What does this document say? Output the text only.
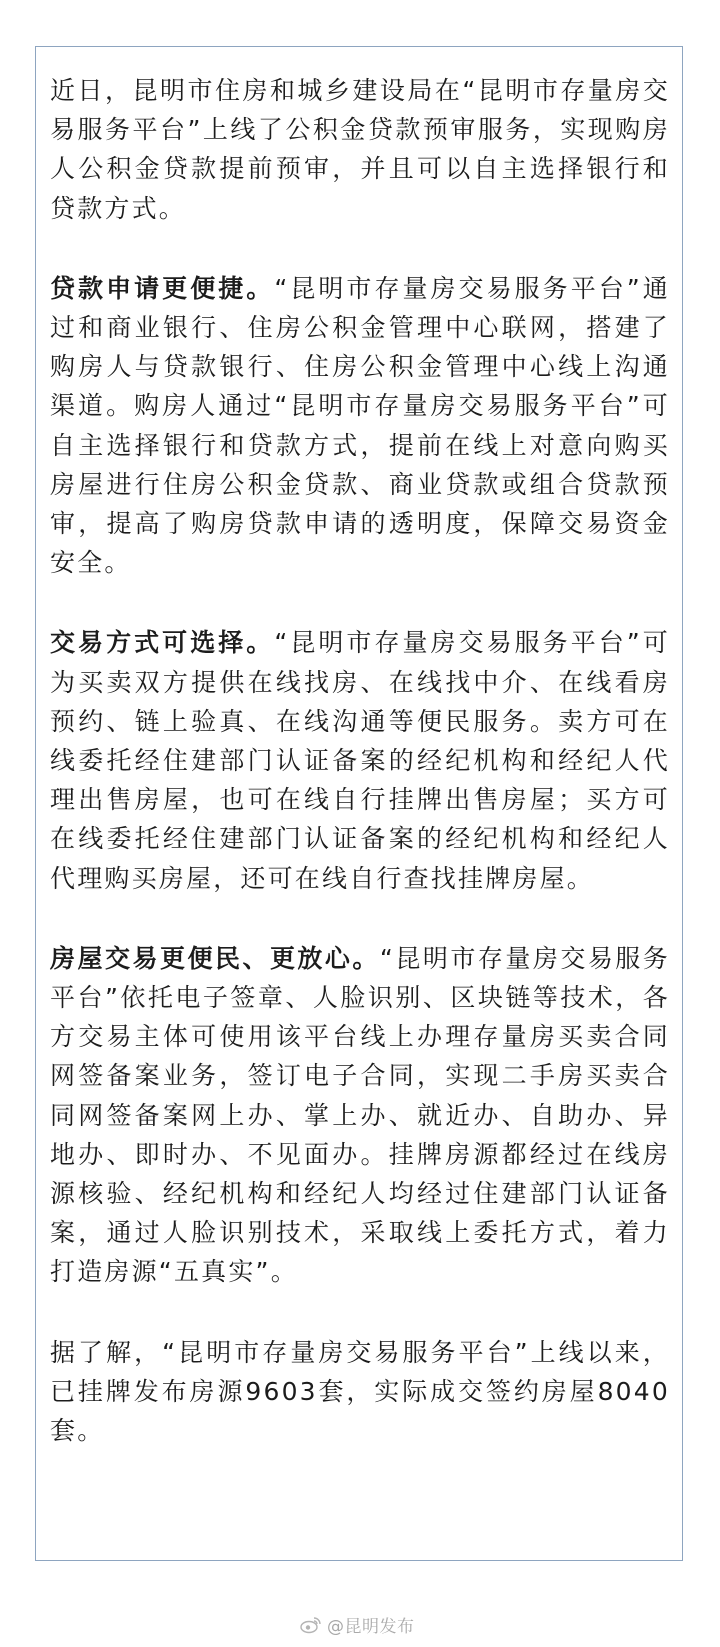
近日，昆明市住房和城乡建设局在“昆明市存量房交易服务平台”上线了公积金贷款预审服务，实现购房人公积金贷款提前预审，并且可以自主选择银行和贷款方式。

贷款申请更便捷。“昆明市存量房交易服务平台”通过和商业银行、住房公积金管理中心联网，搭建了购房人与贷款银行、住房公积金管理中心线上沟通渠道。购房人通过“昆明市存量房交易服务平台”可自主选择银行和贷款方式，提前在线上对意向购买房屋进行住房公积金贷款、商业贷款或组合贷款预审，提高了购房贷款申请的透明度，保障交易资金安全。

交易方式可选择。“昆明市存量房交易服务平台”可为买卖双方提供在线找房、在线找中介、在线看房预约、链上验真、在线沟通等便民服务。卖方可在线委托经住建部门认证备案的经纪机构和经纪人代理出售房屋，也可在线自行挂牌出售房屋；买方可在线委托经住建部门认证备案的经纪机构和经纪人代理购买房屋，还可在线自行查找挂牌房屋。

房屋交易更便民、更放心。“昆明市存量房交易服务平台”依托电子签章、人脸识别、区块链等技术，各方交易主体可使用该平台线上办理存量房买卖合同网签备案业务，签订电子合同，实现二手房买卖合同网签备案网上办、掌上办、就近办、自助办、异地办、即时办、不见面办。挂牌房源都经过在线房源核验、经纪机构和经纪人均经过住建部门认证备案，通过人脸识别技术，采取线上委托方式，着力打造房源“五真实”。

据了解，“昆明市存量房交易服务平台”上线以来，已挂牌发布房源9603套，实际成交签约房屋8040套。

@昆明发布
